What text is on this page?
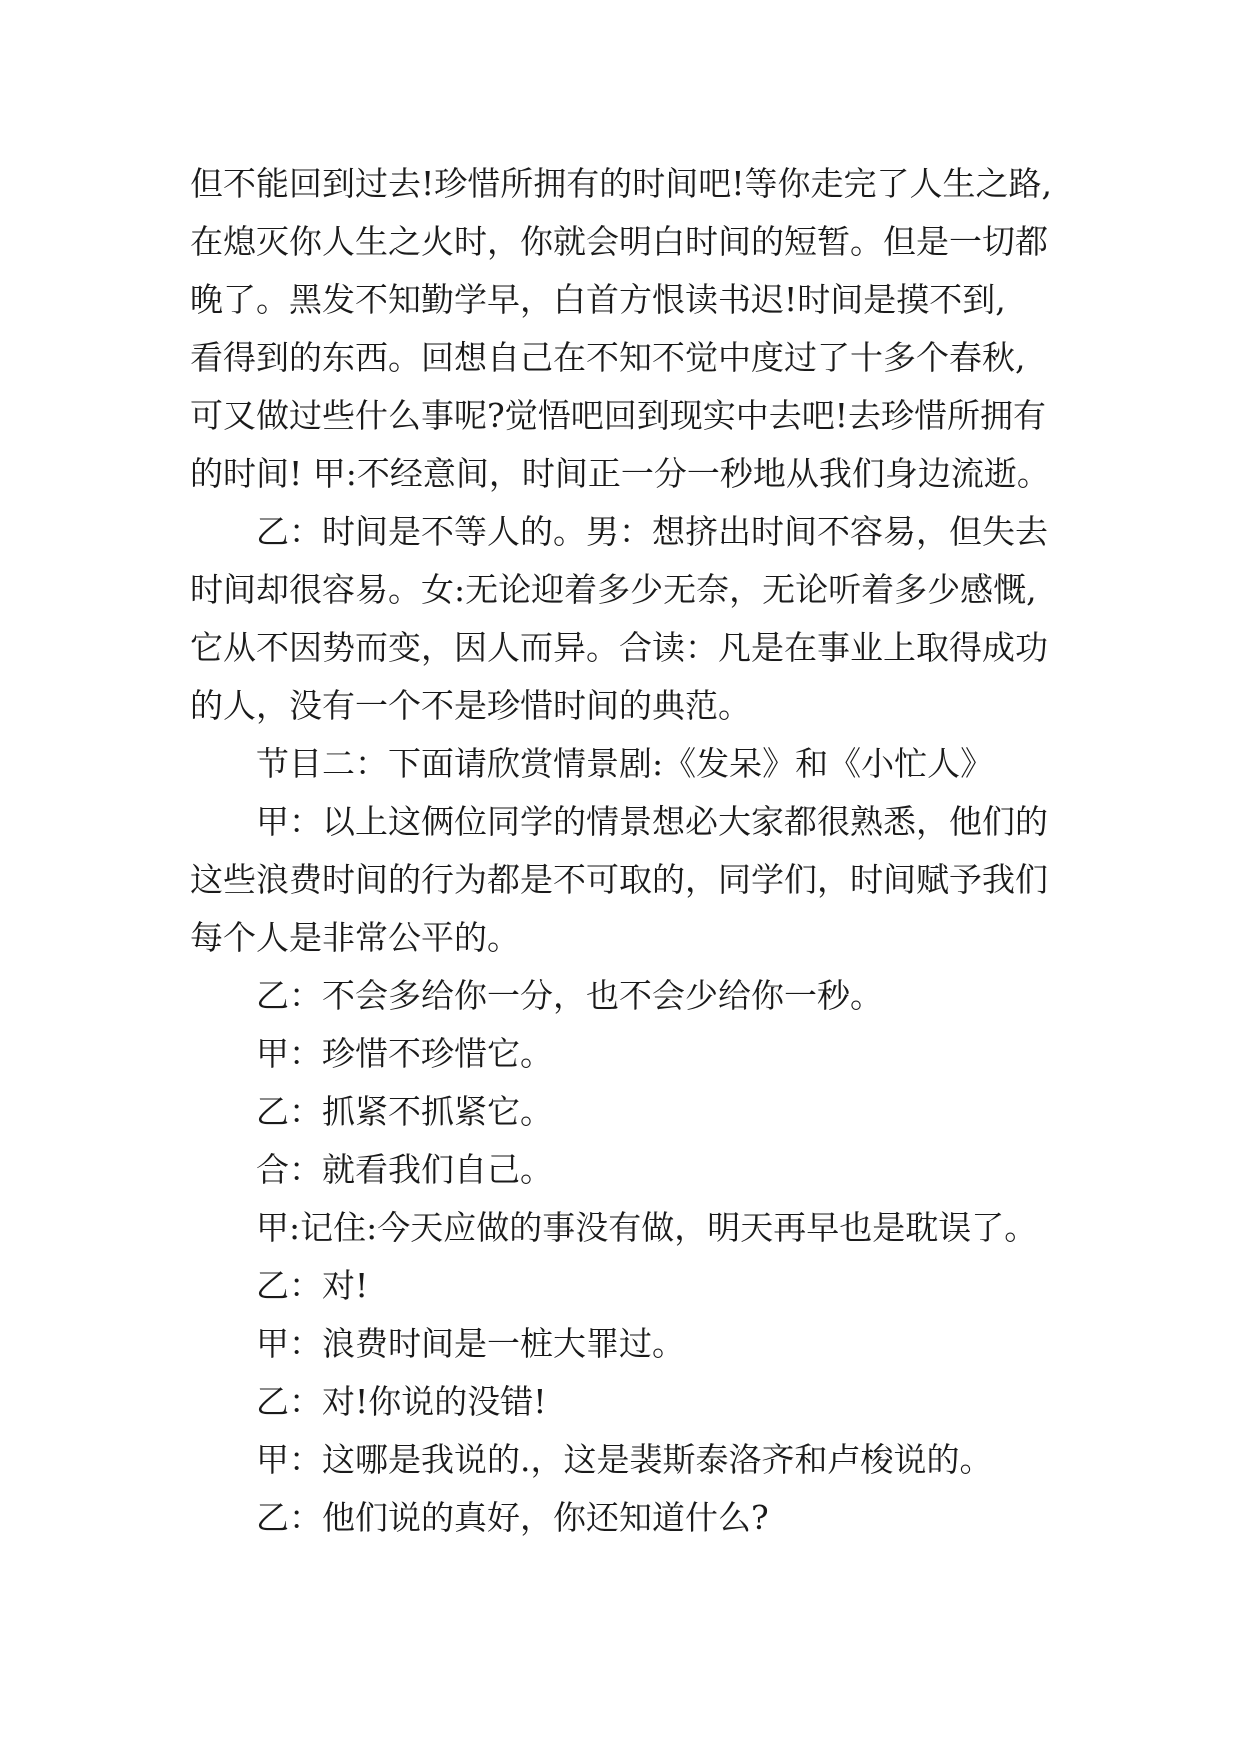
但不能回到过去!珍惜所拥有的时间吧!等你走完了人生之路,
在熄灭你人生之火时，你就会明白时间的短暂。但是一切都
晚了。黑发不知勤学早，白首方恨读书迟!时间是摸不到,
看得到的东西。回想自己在不知不觉中度过了十多个春秋,
可又做过些什么事呢?觉悟吧回到现实中去吧!去珍惜所拥有
的时间! 甲:不经意间，时间正一分一秒地从我们身边流逝。
乙：时间是不等人的。男：想挤出时间不容易，但失去
时间却很容易。女:无论迎着多少无奈，无论听着多少感慨,
它从不因势而变，因人而异。合读：凡是在事业上取得成功
的人，没有一个不是珍惜时间的典范。
节目二：下面请欣赏情景剧:《发呆》和《小忙人》
甲：以上这俩位同学的情景想必大家都很熟悉，他们的
这些浪费时间的行为都是不可取的，同学们，时间赋予我们
每个人是非常公平的。
乙：不会多给你一分，也不会少给你一秒。
甲：珍惜不珍惜它。
乙：抓紧不抓紧它。
合：就看我们自己。
甲:记住:今天应做的事没有做，明天再早也是耽误了。
乙：对!
甲：浪费时间是一桩大罪过。
乙：对!你说的没错!
甲：这哪是我说的.，这是裴斯泰洛齐和卢梭说的。
乙：他们说的真好，你还知道什么?
